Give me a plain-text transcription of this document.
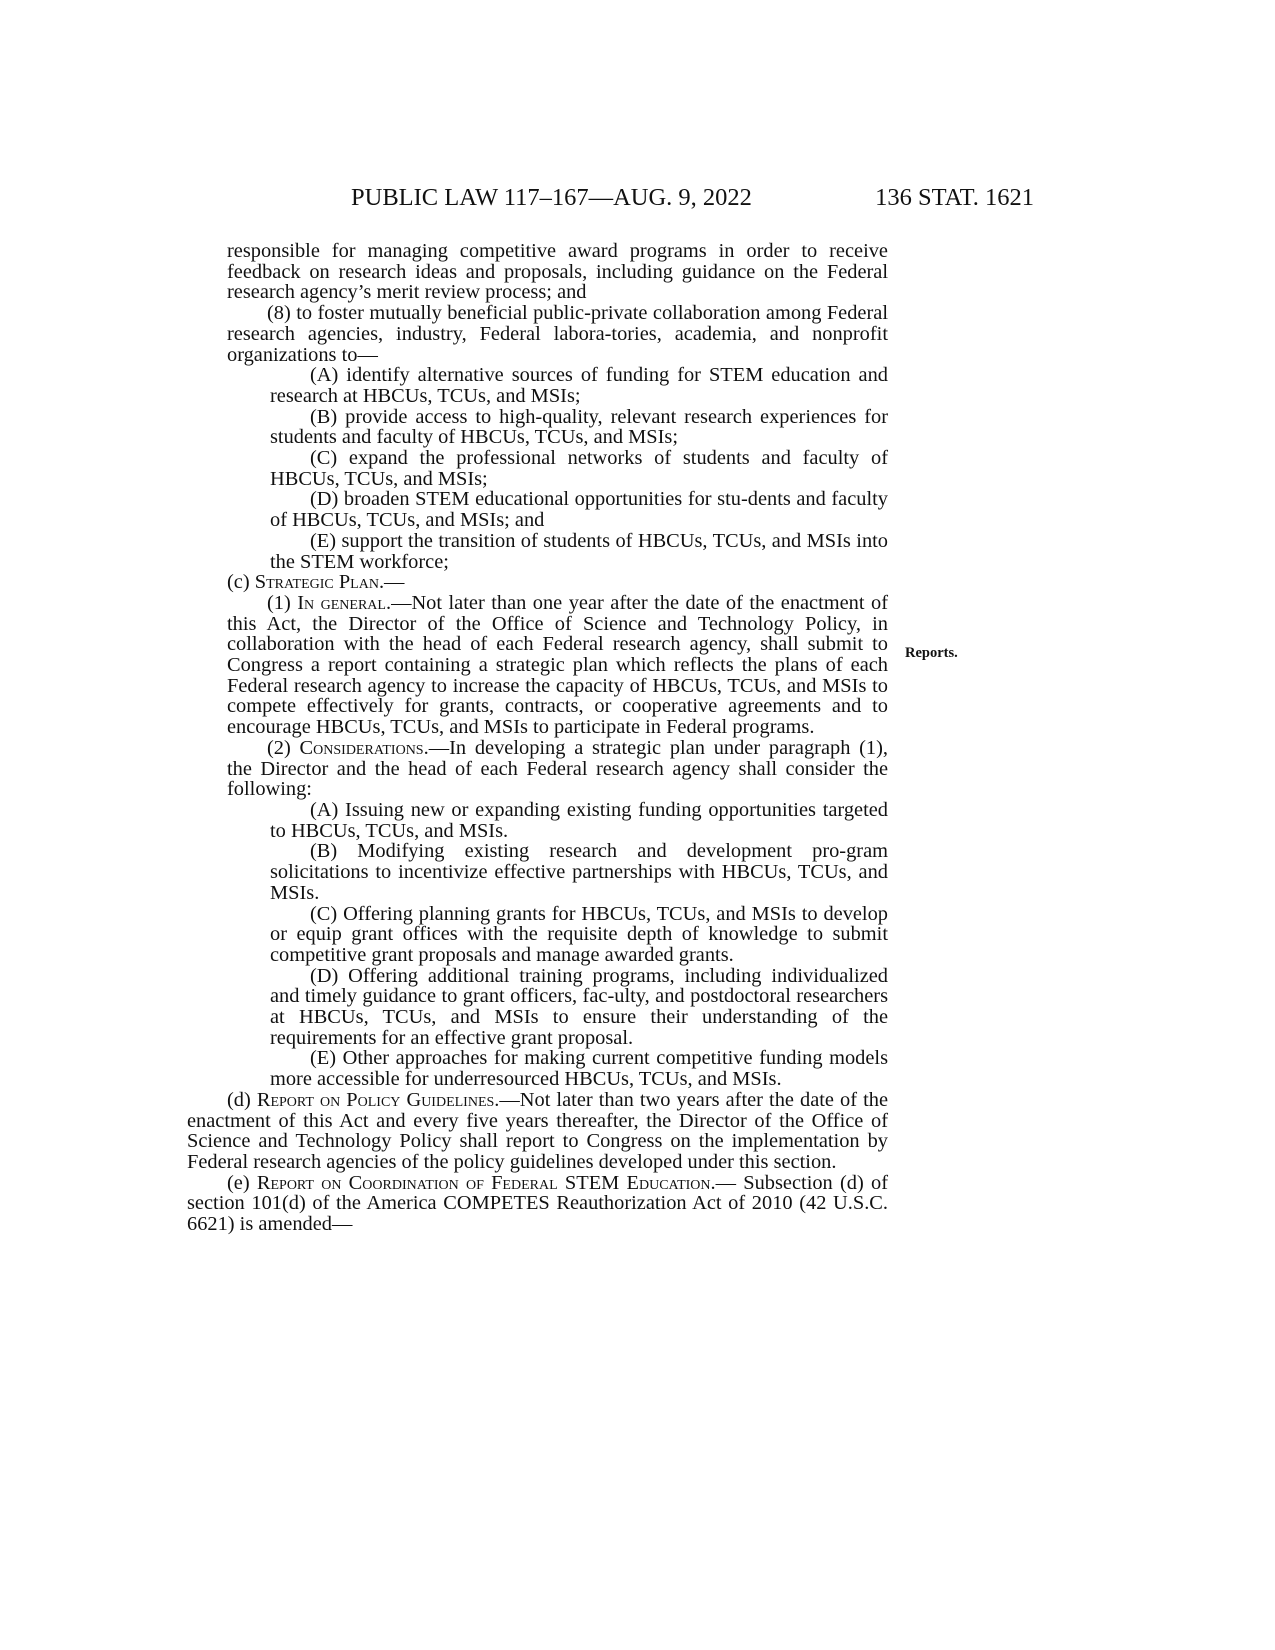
PUBLIC LAW 117–167—AUG. 9, 2022	136 STAT. 1621
Reports.

responsible for managing competitive award programs in order to receive feedback on research ideas and proposals, including guidance on the Federal research agency’s merit review process; and

(8) to foster mutually beneficial public-private collaboration among Federal research agencies, industry, Federal labora-tories, academia, and nonprofit organizations to—

(A) identify alternative sources of funding for STEM education and research at HBCUs, TCUs, and MSIs;

(B) provide access to high-quality, relevant research experiences for students and faculty of HBCUs, TCUs, and MSIs;

(C) expand the professional networks of students and faculty of HBCUs, TCUs, and MSIs;

(D) broaden STEM educational opportunities for stu-dents and faculty of HBCUs, TCUs, and MSIs; and

(E) support the transition of students of HBCUs, TCUs, and MSIs into the STEM workforce;

(c) Strategic Plan.—

(1) In general.—Not later than one year after the date of the enactment of this Act, the Director of the Office of Science and Technology Policy, in collaboration with the head of each Federal research agency, shall submit to Congress a report containing a strategic plan which reflects the plans of each Federal research agency to increase the capacity of HBCUs, TCUs, and MSIs to compete effectively for grants, contracts, or cooperative agreements and to encourage HBCUs, TCUs, and MSIs to participate in Federal programs.

(2) Considerations.—In developing a strategic plan under paragraph (1), the Director and the head of each Federal research agency shall consider the following:

(A) Issuing new or expanding existing funding opportunities targeted to HBCUs, TCUs, and MSIs.

(B) Modifying existing research and development pro-gram solicitations to incentivize effective partnerships with HBCUs, TCUs, and MSIs.

(C) Offering planning grants for HBCUs, TCUs, and MSIs to develop or equip grant offices with the requisite depth of knowledge to submit competitive grant proposals and manage awarded grants.

(D) Offering additional training programs, including individualized and timely guidance to grant officers, fac-ulty, and postdoctoral researchers at HBCUs, TCUs, and MSIs to ensure their understanding of the requirements for an effective grant proposal.

(E) Other approaches for making current competitive funding models more accessible for underresourced HBCUs, TCUs, and MSIs.

(d) Report on Policy Guidelines.—Not later than two years after the date of the enactment of this Act and every five years thereafter, the Director of the Office of Science and Technology Policy shall report to Congress on the implementation by Federal research agencies of the policy guidelines developed under this section.

(e) Report on Coordination of Federal STEM Education.— Subsection (d) of section 101(d) of the America COMPETES Reauthorization Act of 2010 (42 U.S.C. 6621) is amended—
